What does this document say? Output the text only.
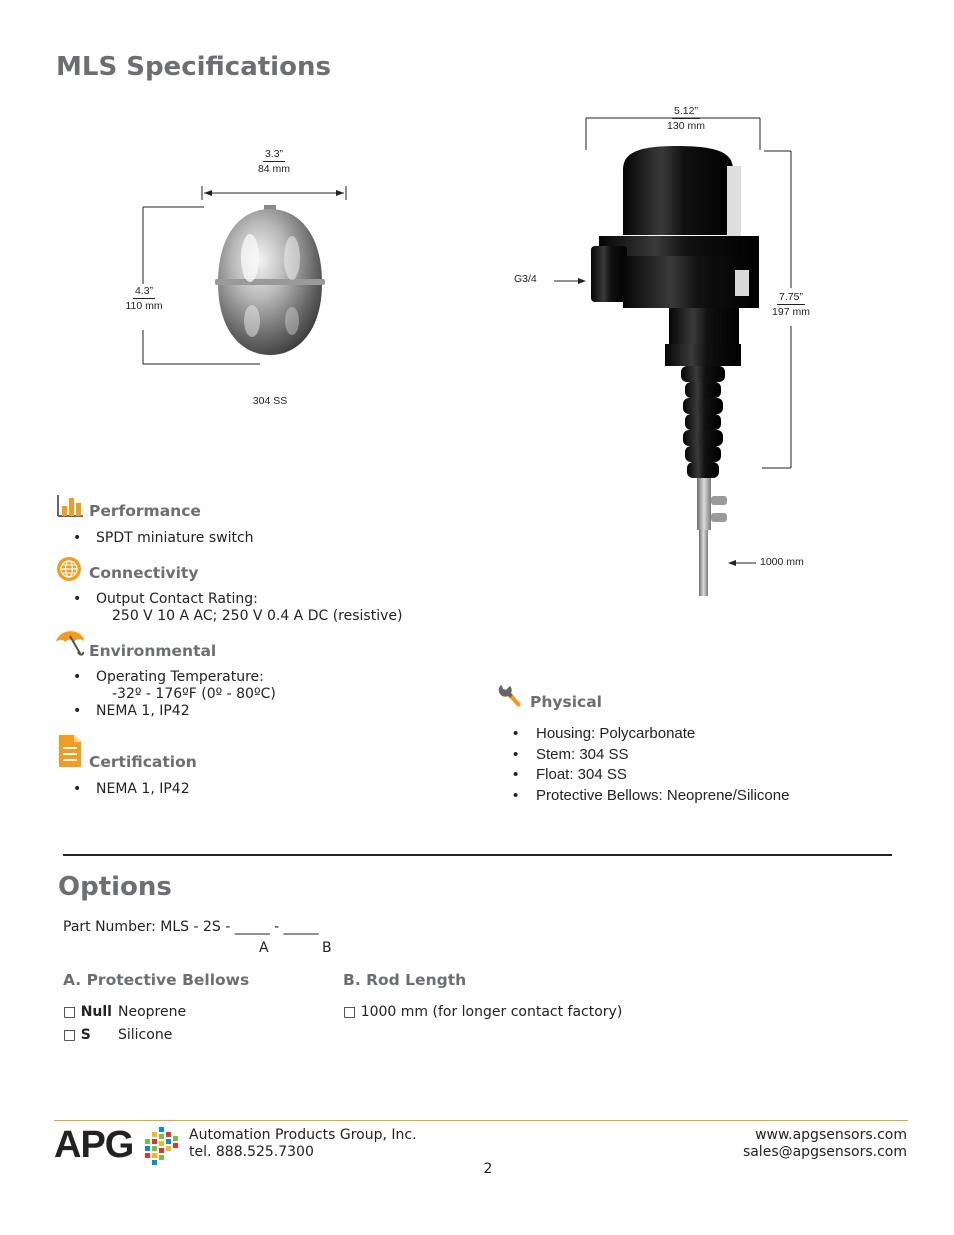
MLS Specifications
3.3”
84 mm
4.3”
110 mm
304 SS
5.12”
130 mm
7.75”
197 mm
G3/4
1000 mm
Performance
• SPDT miniature switch
Connectivity
• Output Contact Rating:
250 V 10 A AC; 250 V 0.4 A DC (resistive)
Environmental
• Operating Temperature:
-32º - 176ºF (0º - 80ºC)
• NEMA 1, IP42
Certification
• NEMA 1, IP42
Physical
• Housing: Polycarbonate
• Stem: 304 SS
• Float: 304 SS
• Protective Bellows: Neoprene/Silicone
Options
Part Number: MLS - 2S - _____ - _____
A	B
A. Protective Bellows	B. Rod Length
□ Null Neoprene
□ S Silicone
□ 1000 mm (for longer contact factory)
APG	Automation Products Group, Inc.
tel. 888.525.7300
www.apgsensors.com
sales@apgsensors.com
2
